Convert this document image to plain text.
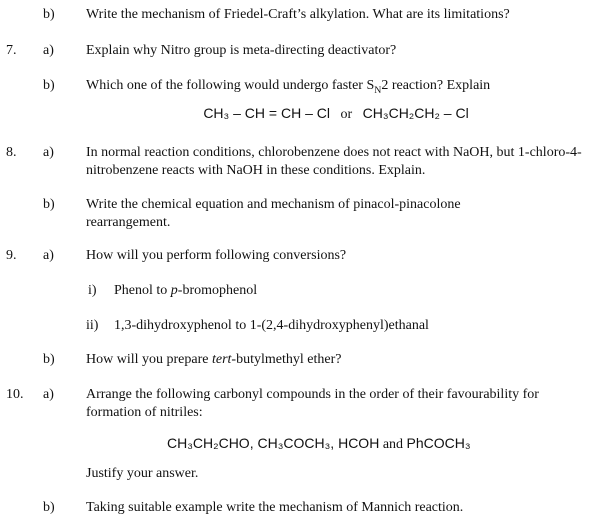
b) Write the mechanism of Friedel-Craft’s alkylation. What are its limitations?
7. a) Explain why Nitro group is meta-directing deactivator?
b) Which one of the following would undergo faster $S_N2$ reaction? Explain
CH₃ – CH = CH – Cl or CH₃CH₂CH₂ – Cl
8. a) In normal reaction conditions, chlorobenzene does not react with NaOH, but 1-chloro-4-nitrobenzene reacts with NaOH in these conditions. Explain.
b) Write the chemical equation and mechanism of pinacol-pinacolone rearrangement.
9. a) How will you perform following conversions?
i) Phenol to p-bromophenol
ii) 1,3-dihydroxyphenol to 1-(2,4-dihydroxyphenyl)ethanal
b) How will you prepare tert-butylmethyl ether?
10. a) Arrange the following carbonyl compounds in the order of their favourability for formation of nitriles:
CH₃CH₂CHO, CH₃COCH₃, HCOH and PhCOCH₃
Justify your answer.
b) Taking suitable example write the mechanism of Mannich reaction.
